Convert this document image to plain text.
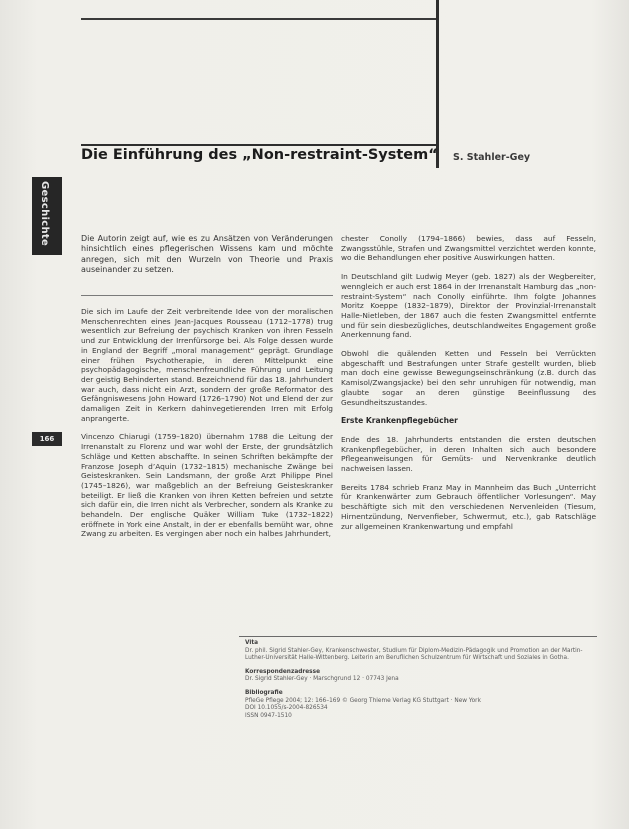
Die Einführung des „Non-restraint-System“ S. Stahler-Gey
Geschichte
166

Die Autorin zeigt auf, wie es zu Ansätzen von Veränderungen hinsichtlich eines pflegerischen Wissens kam und möchte anregen, sich mit den Wurzeln von Theorie und Praxis auseinander zu setzen.

Die sich im Laufe der Zeit verbreitende Idee von der moralischen Menschenrechten eines Jean-Jacques Rousseau (1712–1778) trug wesentlich zur Befreiung der psychisch Kranken von ihren Fesseln und zur Entwicklung der Irrenfürsorge bei. Als Folge dessen wurde in England der Begriff „moral management“ geprägt. Grundlage einer frühen Psychotherapie, in deren Mittelpunkt eine psychopädagogische, menschenfreundliche Führung und Leitung der geistig Behinderten stand. Bezeichnend für das 18. Jahrhundert war auch, dass nicht ein Arzt, sondern der große Reformator des Gefängniswesens John Howard (1726–1790) Not und Elend der zur damaligen Zeit in Kerkern dahinvegetierenden Irren mit Erfolg anprangerte.

Vincenzo Chiarugi (1759–1820) übernahm 1788 die Leitung der Irrenanstalt zu Florenz und war wohl der Erste, der grundsätzlich Schläge und Ketten abschaffte. In seinen Schriften bekämpfte der Franzose Joseph d’Aquin (1732–1815) mechanische Zwänge bei Geisteskranken. Sein Landsmann, der große Arzt Philippe Pinel (1745–1826), war maßgeblich an der Befreiung Geisteskranker beteiligt. Er ließ die Kranken von ihren Ketten befreien und setzte sich dafür ein, die Irren nicht als Verbrecher, sondern als Kranke zu behandeln. Der englische Quäker William Tuke (1732–1822) eröffnete in York eine Anstalt, in der er ebenfalls bemüht war, ohne Zwang zu arbeiten. Es vergingen aber noch ein halbes Jahrhundert,

chester Conolly (1794–1866) bewies, dass auf Fesseln, Zwangsstühle, Strafen und Zwangsmittel verzichtet werden konnte, wo die Behandlungen eher positive Auswirkungen hatten.

In Deutschland gilt Ludwig Meyer (geb. 1827) als der Wegbereiter, wenngleich er auch erst 1864 in der Irrenanstalt Hamburg das „non-restraint-System“ nach Conolly einführte. Ihm folgte Johannes Moritz Koeppe (1832–1879), Direktor der Provinzial-Irrenanstalt Halle-Nietleben, der 1867 auch die festen Zwangsmittel entfernte und für sein diesbezügliches, deutschlandweites Engagement große Anerkennung fand.

Obwohl die quälenden Ketten und Fesseln bei Verrückten abgeschafft und Bestrafungen unter Strafe gestellt wurden, blieb man doch eine gewisse Bewegungseinschränkung (z.B. durch das Kamisol/Zwangsjacke) bei den sehr unruhigen für notwendig, man glaubte sogar an deren günstige Beeinflussung des Gesundheitszustandes.

Erste Krankenpflegebücher

Ende des 18. Jahrhunderts entstanden die ersten deutschen Krankenpflegebücher, in deren Inhalten sich auch besondere Pflegeanweisungen für Gemüts- und Nervenkranke deutlich nachweisen lassen.

Bereits 1784 schrieb Franz May in Mannheim das Buch „Unterricht für Krankenwärter zum Gebrauch öffentlicher Vorlesungen“. May beschäftigte sich mit den verschiedenen Nervenleiden (Tiesum, Hirnentzündung, Nervenfieber, Schwermut, etc.), gab Ratschläge zur allgemeinen Krankenwartung und empfahl

Vita
Dr. phil. Sigrid Stahler-Gey, Krankenschwester, Studium für Diplom-Medizin-Pädagogik und Promotion an der Martin-Luther-Universität Halle-Wittenberg. Leiterin am Beruflichen Schulzentrum für Wirtschaft und Soziales in Gotha.

Korrespondenzadresse
Dr. Sigrid Stahler-Gey · Marschgrund 12 · 07743 Jena

Bibliografie
PfleGe Pflege 2004; 12: 166–169 © Georg Thieme Verlag KG Stuttgart · New York
DOI 10.1055/s-2004-826534
ISSN 0947-1510
